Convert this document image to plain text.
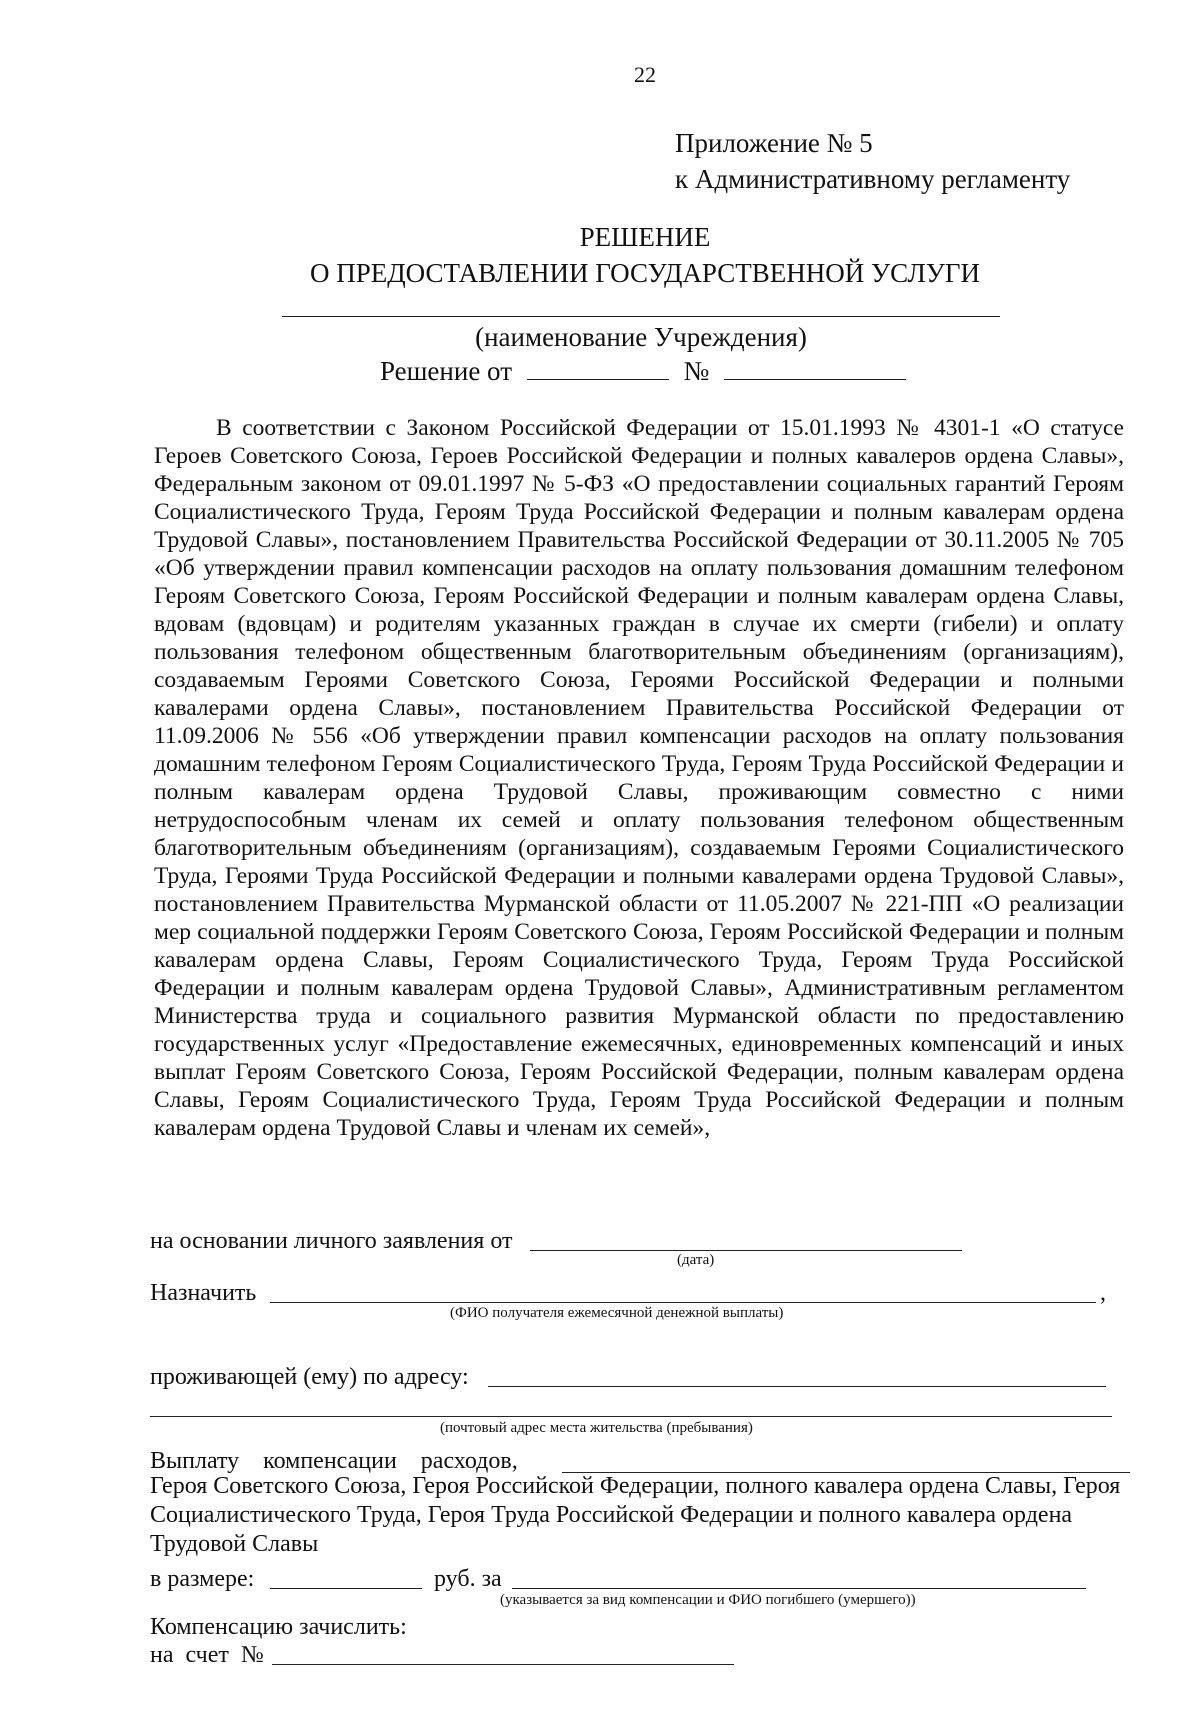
22
Приложение № 5
к Административному регламенту
РЕШЕНИЕ
О ПРЕДОСТАВЛЕНИИ ГОСУДАРСТВЕННОЙ УСЛУГИ
(наименование Учреждения)
Решение от	№
В соответствии с Законом Российской Федерации от 15.01.1993 № 4301-1 «О статусе Героев Советского Союза, Героев Российской Федерации и полных кавалеров ордена Славы», Федеральным законом от 09.01.1997 № 5-ФЗ «О предоставлении социальных гарантий Героям Социалистического Труда, Героям Труда Российской Федерации и полным кавалерам ордена Трудовой Славы», постановлением Правительства Российской Федерации от 30.11.2005 № 705 «Об утверждении правил компенсации расходов на оплату пользования домашним телефоном Героям Советского Союза, Героям Российской Федерации и полным кавалерам ордена Славы, вдовам (вдовцам) и родителям указанных граждан в случае их смерти (гибели) и оплату пользования телефоном общественным благотворительным объединениям (организациям), создаваемым Героями Советского Союза, Героями Российской Федерации и полными кавалерами ордена Славы», постановлением Правительства Российской Федерации от 11.09.2006 № 556 «Об утверждении правил компенсации расходов на оплату пользования домашним телефоном Героям Социалистического Труда, Героям Труда Российской Федерации и полным кавалерам ордена Трудовой Славы, проживающим совместно с ними нетрудоспособным членам их семей и оплату пользования телефоном общественным благотворительным объединениям (организациям), создаваемым Героями Социалистического Труда, Героями Труда Российской Федерации и полными кавалерами ордена Трудовой Славы», постановлением Правительства Мурманской области от 11.05.2007 № 221-ПП «О реализации мер социальной поддержки Героям Советского Союза, Героям Российской Федерации и полным кавалерам ордена Славы, Героям Социалистического Труда, Героям Труда Российской Федерации и полным кавалерам ордена Трудовой Славы», Административным регламентом Министерства труда и социального развития Мурманской области по предоставлению государственных услуг «Предоставление ежемесячных, единовременных компенсаций и иных выплат Героям Советского Союза, Героям Российской Федерации, полным кавалерам ордена Славы, Героям Социалистического Труда, Героям Труда Российской Федерации и полным кавалерам ордена Трудовой Славы и членам их семей»,
на основании личного заявления от
(дата)
Назначить	,
(ФИО получателя ежемесячной денежной выплаты)
проживающей (ему) по адресу:
(почтовый адрес места жительства (пребывания)
Выплату компенсации расходов,
Героя Советского Союза, Героя Российской Федерации, полного кавалера ордена Славы, Героя Социалистического Труда, Героя Труда Российской Федерации и полного кавалера ордена Трудовой Славы
в размере:	руб. за
(указывается за вид компенсации и ФИО погибшего (умершего))
Компенсацию зачислить:
на счет №
